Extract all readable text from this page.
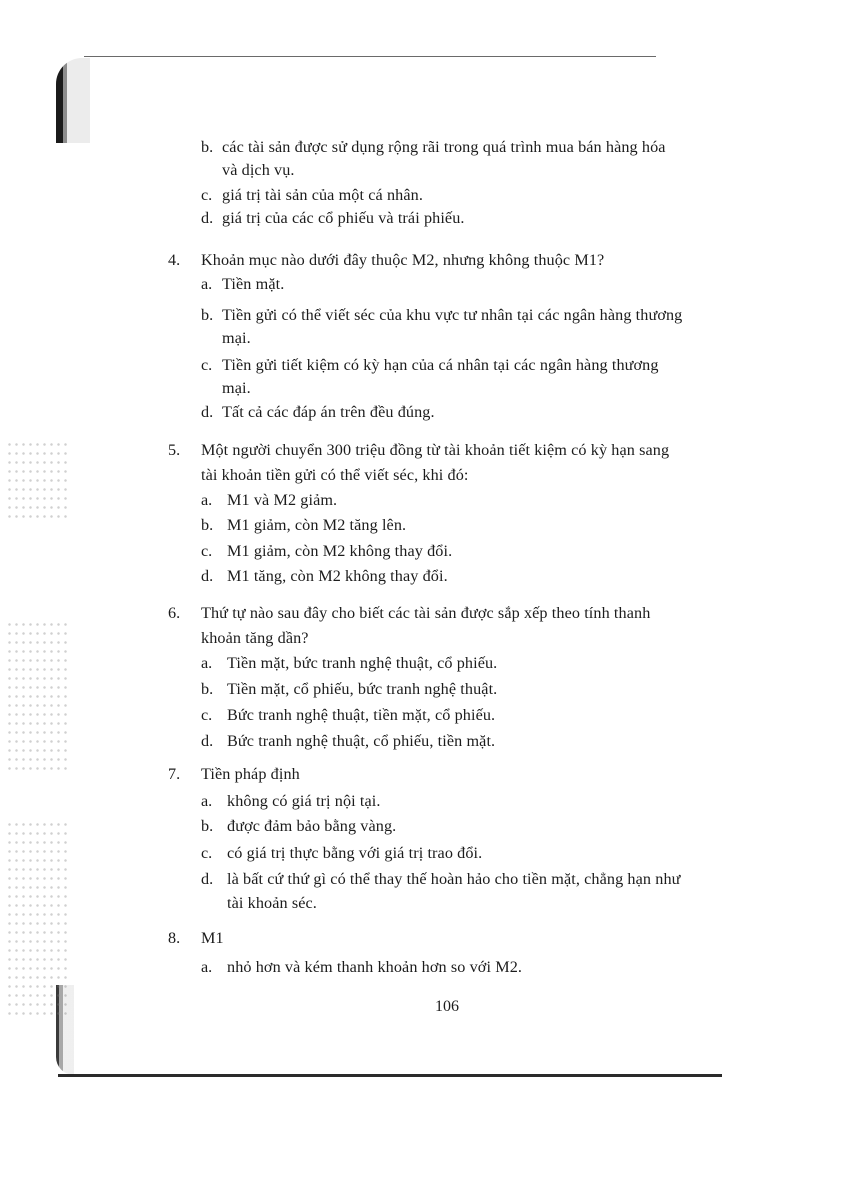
b. các tài sản được sử dụng rộng rãi trong quá trình mua bán hàng hóa
và dịch vụ.
c. giá trị tài sản của một cá nhân.
d. giá trị của các cổ phiếu và trái phiếu.
4. Khoản mục nào dưới đây thuộc M2, nhưng không thuộc M1?
a. Tiền mặt.
b. Tiền gửi có thể viết séc của khu vực tư nhân tại các ngân hàng thương
mại.
c. Tiền gửi tiết kiệm có kỳ hạn của cá nhân tại các ngân hàng thương
mại.
d. Tất cả các đáp án trên đều đúng.
5. Một người chuyển 300 triệu đồng từ tài khoản tiết kiệm có kỳ hạn sang
tài khoản tiền gửi có thể viết séc, khi đó:
a. M1 và M2 giảm.
b. M1 giảm, còn M2 tăng lên.
c. M1 giảm, còn M2 không thay đổi.
d. M1 tăng, còn M2 không thay đổi.
6. Thứ tự nào sau đây cho biết các tài sản được sắp xếp theo tính thanh
khoản tăng dần?
a. Tiền mặt, bức tranh nghệ thuật, cổ phiếu.
b. Tiền mặt, cổ phiếu, bức tranh nghệ thuật.
c. Bức tranh nghệ thuật, tiền mặt, cổ phiếu.
d. Bức tranh nghệ thuật, cổ phiếu, tiền mặt.
7. Tiền pháp định
a. không có giá trị nội tại.
b. được đảm bảo bằng vàng.
c. có giá trị thực bằng với giá trị trao đổi.
d. là bất cứ thứ gì có thể thay thế hoàn hảo cho tiền mặt, chẳng hạn như
tài khoản séc.
8. M1
a. nhỏ hơn và kém thanh khoản hơn so với M2.
106
